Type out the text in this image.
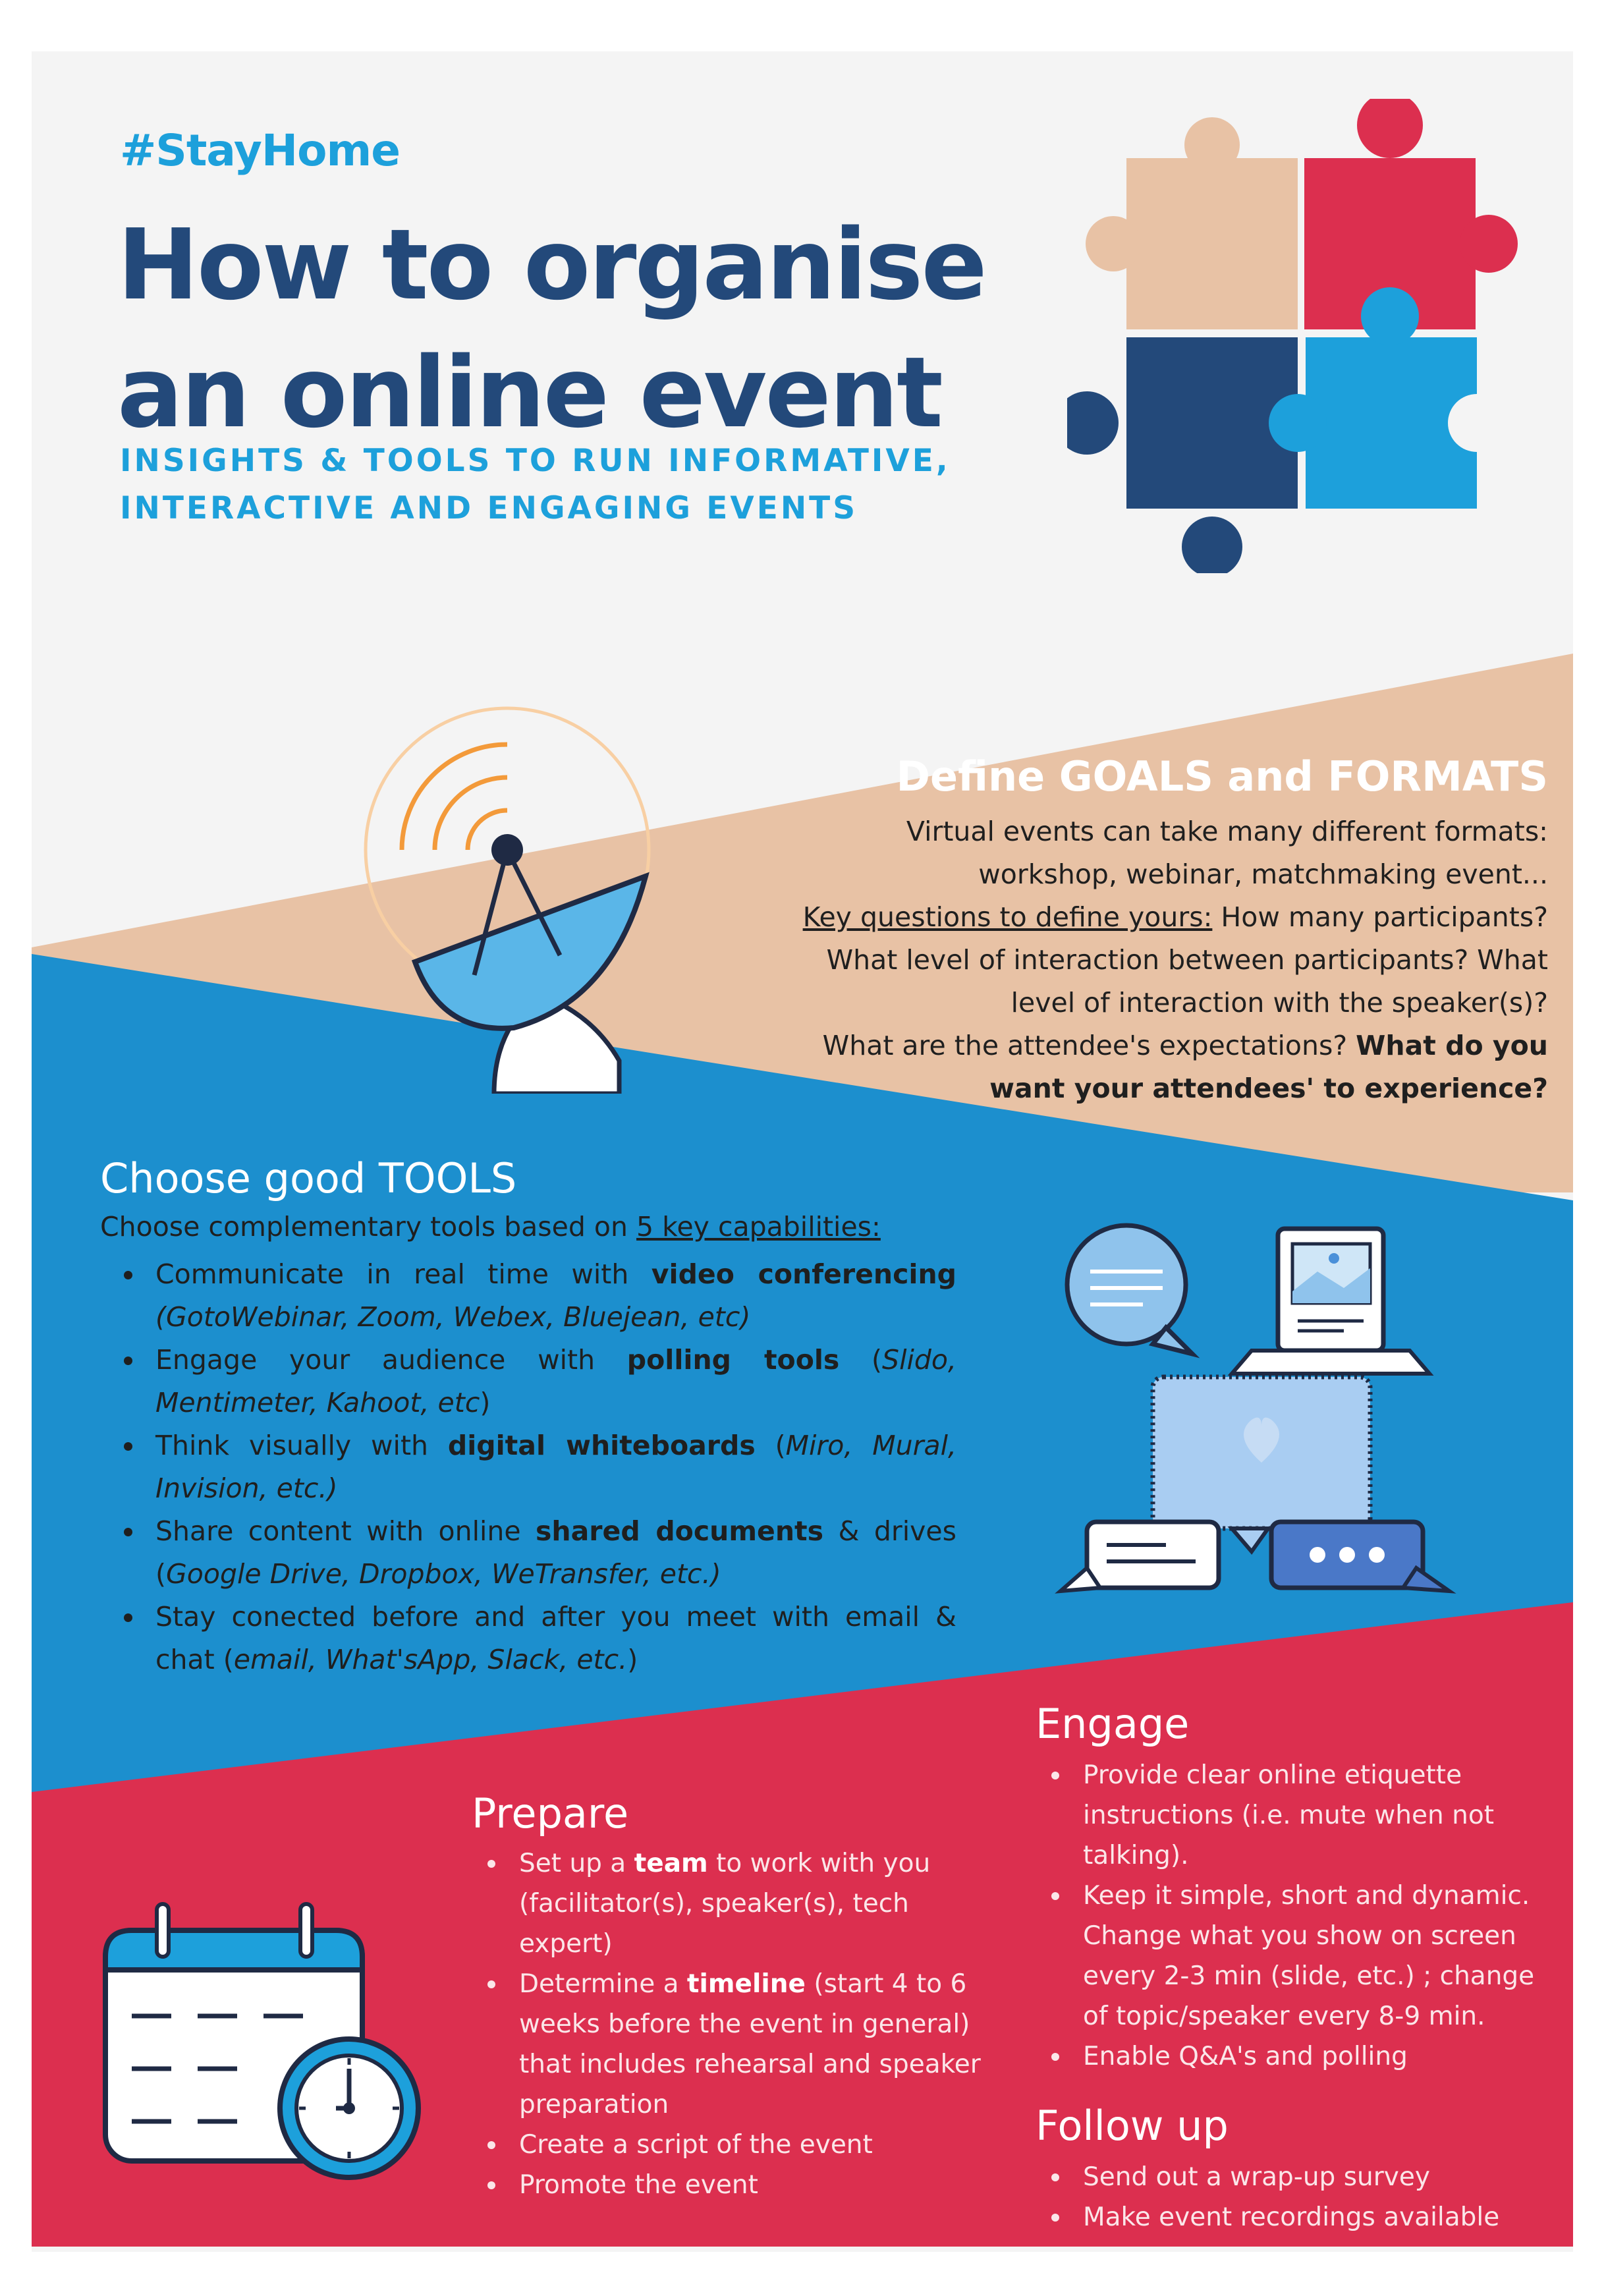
#StayHome
How to organise
an online event
INSIGHTS & TOOLS TO RUN INFORMATIVE,
INTERACTIVE AND ENGAGING EVENTS
Define GOALS and FORMATS
Virtual events can take many different formats:
workshop, webinar, matchmaking event...
Key questions to define yours: How many participants?
What level of interaction between participants? What
level of interaction with the speaker(s)?
What are the attendee's expectations? What do you
want your attendees' to experience?
Choose good TOOLS
Choose complementary tools based on 5 key capabilities:
Communicate in real time with video conferencing (GotoWebinar, Zoom, Webex, Bluejean, etc)
Engage your audience with polling tools (Slido, Mentimeter, Kahoot, etc)
Think visually with digital whiteboards (Miro, Mural, Invision, etc.)
Share content with online shared documents & drives (Google Drive, Dropbox, WeTransfer, etc.)
Stay conected before and after you meet with email & chat (email, What'sApp, Slack, etc.)
Prepare
Set up a team to work with you (facilitator(s), speaker(s), tech expert)
Determine a timeline (start 4 to 6 weeks before the event in general) that includes rehearsal and speaker preparation
Create a script of the event
Promote the event
Engage
Provide clear online etiquette instructions (i.e. mute when not talking).
Keep it simple, short and dynamic. Change what you show on screen every 2-3 min (slide, etc.) ; change of topic/speaker every 8-9 min.
Enable Q&A's and polling
Follow up
Send out a wrap-up survey
Make event recordings available
